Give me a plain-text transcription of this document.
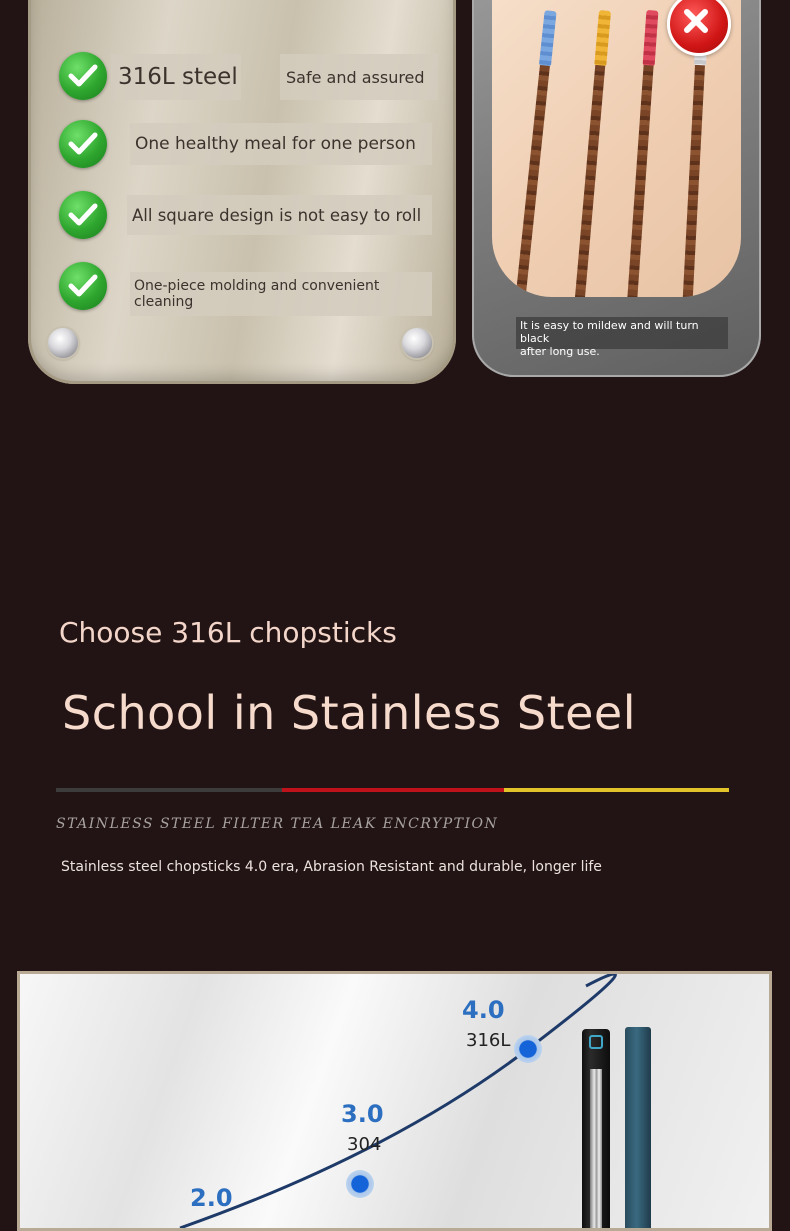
316L steel	Safe and assured
One healthy meal for one person
All square design is not easy to roll
One-piece molding and convenient
cleaning
It is easy to mildew and will turn black
after long use.
Choose 316L chopsticks
School in Stainless Steel
STAINLESS STEEL FILTER TEA LEAK ENCRYPTION
Stainless steel chopsticks 4.0 era, Abrasion Resistant and durable, longer life
4.0
316L
3.0
304
2.0
